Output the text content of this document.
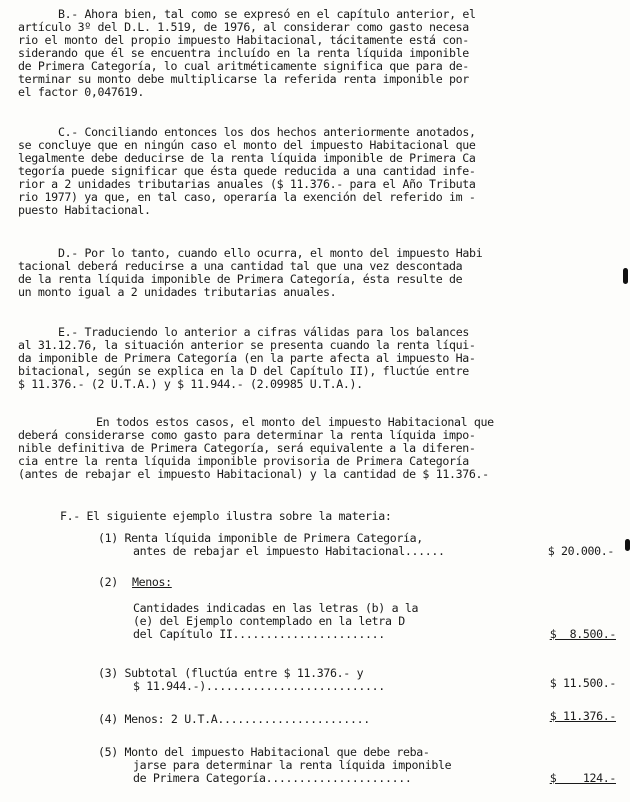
B.- Ahora bien, tal como se expresó en el capítulo anterior, el
artículo 3º del D.L. 1.519, de 1976, al considerar como gasto necesa
rio el monto del propio impuesto Habitacional, tácitamente está con-
siderando que él se encuentra incluído en la renta líquida imponible
de Primera Categoría, lo cual aritméticamente significa que para de-
terminar su monto debe multiplicarse la referida renta imponible por
el factor 0,047619.
C.- Conciliando entonces los dos hechos anteriormente anotados,
se concluye que en ningún caso el monto del impuesto Habitacional que
legalmente debe deducirse de la renta líquida imponible de Primera Ca
tegoría puede significar que ésta quede reducida a una cantidad infe-
rior a 2 unidades tributarias anuales ($ 11.376.- para el Año Tributa
rio 1977) ya que, en tal caso, operaría la exención del referido im -
puesto Habitacional.
D.- Por lo tanto, cuando ello ocurra, el monto del impuesto Habi
tacional deberá reducirse a una cantidad tal que una vez descontada
de la renta líquida imponible de Primera Categoría, ésta resulte de
un monto igual a 2 unidades tributarias anuales.
E.- Traduciendo lo anterior a cifras válidas para los balances
al 31.12.76, la situación anterior se presenta cuando la renta líqui-
da imponible de Primera Categoría (en la parte afecta al impuesto Ha-
bitacional, según se explica en la D del Capítulo II), fluctúe entre
$ 11.376.- (2 U.T.A.) y $ 11.944.- (2.09985 U.T.A.).
En todos estos casos, el monto del impuesto Habitacional que
deberá considerarse como gasto para determinar la renta líquida impo-
nible definitiva de Primera Categoría, será equivalente a la diferen-
cia entre la renta líquida imponible provisoria de Primera Categoría
(antes de rebajar el impuesto Habitacional) y la cantidad de $ 11.376.-
F.- El siguiente ejemplo ilustra sobre la materia:
(1) Renta líquida imponible de Primera Categoría,
antes de rebajar el impuesto Habitacional......	$ 20.000.-
(2) Menos:
Cantidades indicadas en las letras (b) a la
(e) del Ejemplo contemplado en la letra D
del Capítulo II.......................	$  8.500.-
(3) Subtotal (fluctúa entre $ 11.376.- y
$ 11.944.-)...........................	$ 11.500.-
(4) Menos: 2 U.T.A.......................	$ 11.376.-
(5) Monto del impuesto Habitacional que debe reba-
jarse para determinar la renta líquida imponible
de Primera Categoría......................	$    124.-
